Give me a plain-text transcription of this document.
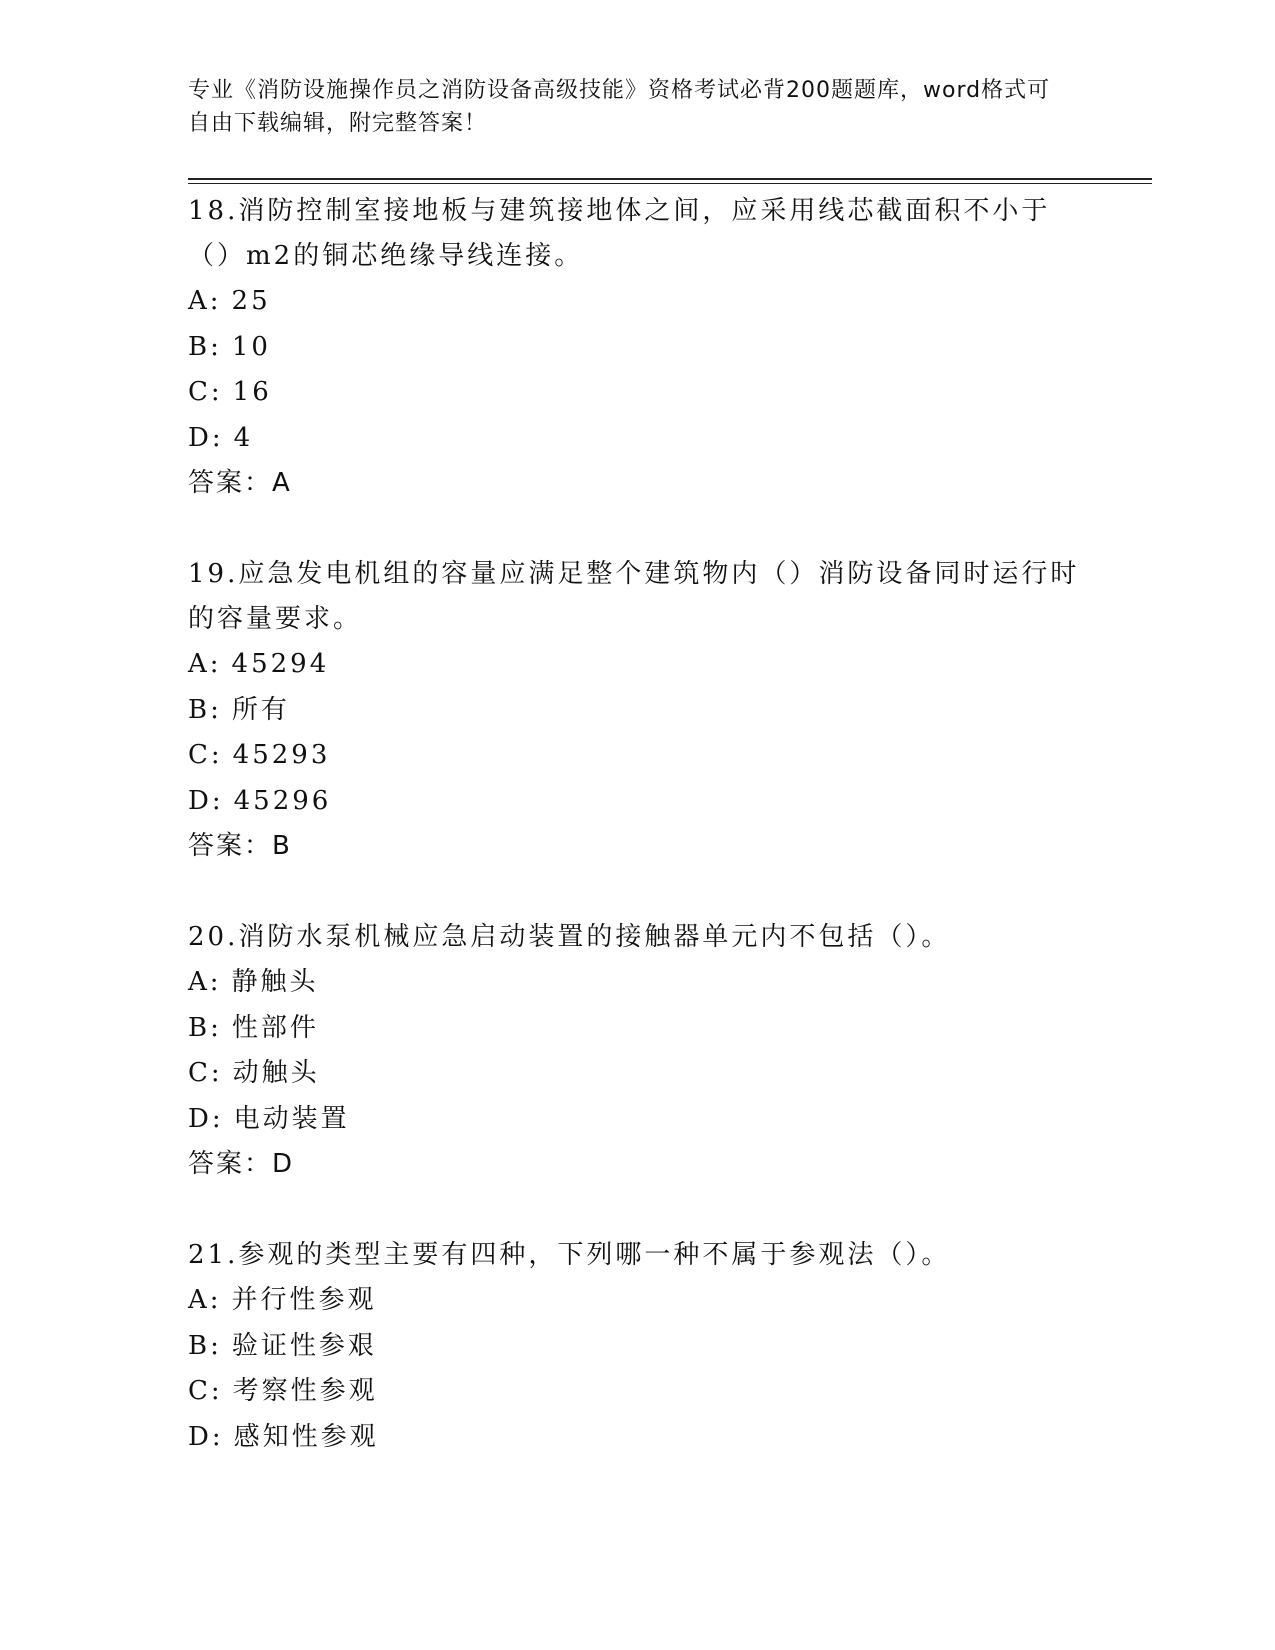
专业《消防设施操作员之消防设备高级技能》资格考试必背200题题库，word格式可自由下载编辑，附完整答案！

18.消防控制室接地板与建筑接地体之间，应采用线芯截面积不小于（）m2的铜芯绝缘导线连接。

A: 25

B: 10

C: 16

D: 4

答案：A

19.应急发电机组的容量应满足整个建筑物内（）消防设备同时运行时的容量要求。

A: 45294

B: 所有

C: 45293

D: 45296

答案：B

20.消防水泵机械应急启动装置的接触器单元内不包括（）。

A: 静触头

B: 性部件

C: 动触头

D: 电动装置

答案：D

21.参观的类型主要有四种，下列哪一种不属于参观法（）。

A: 并行性参观

B: 验证性参艰

C: 考察性参观

D: 感知性参观
